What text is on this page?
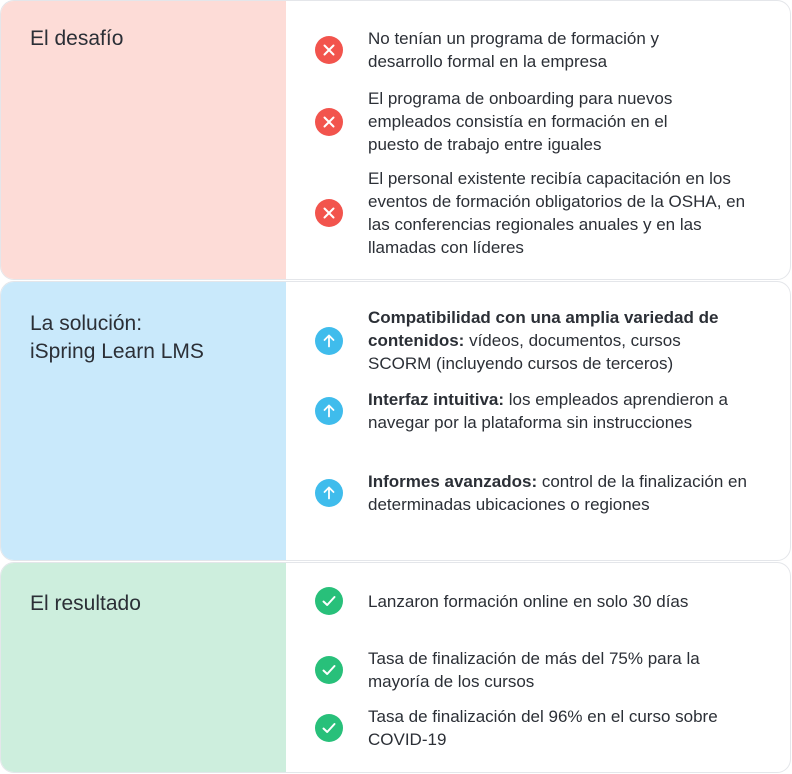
El desafío	No tenían un programa de formación y desarrollo formal en la empresa
El programa de onboarding para nuevos empleados consistía en formación en el puesto de trabajo entre iguales
El personal existente recibía capacitación en los eventos de formación obligatorios de la OSHA, en las conferencias regionales anuales y en las llamadas con líderes
La solución:
iSpring Learn LMS
Compatibilidad con una amplia variedad de contenidos: vídeos, documentos, cursos SCORM (incluyendo cursos de terceros)
Interfaz intuitiva: los empleados aprendieron a navegar por la plataforma sin instrucciones
Informes avanzados: control de la finalización en determinadas ubicaciones o regiones
El resultado	Lanzaron formación online en solo 30 días
Tasa de finalización de más del 75% para la mayoría de los cursos
Tasa de finalización del 96% en el curso sobre COVID-19
